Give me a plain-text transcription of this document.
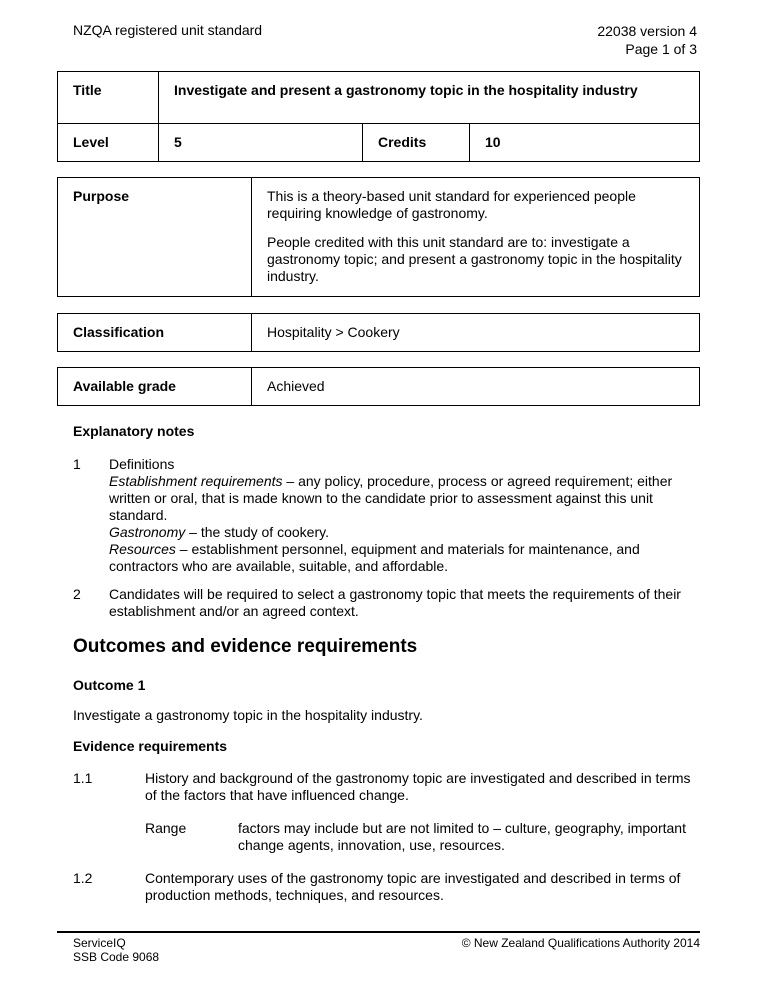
NZQA registered unit standard	22038 version 4
Page 1 of 3
Title	Investigate and present a gastronomy topic in the hospitality industry		
Level	5	Credits	10
Purpose	This is a theory-based unit standard for experienced people requiring knowledge of gastronomy.
People credited with this unit standard are to: investigate a gastronomy topic; and present a gastronomy topic in the hospitality industry.
Classification	Hospitality > Cookery
Available grade	Achieved
Explanatory notes
1 Definitions
Establishment requirements – any policy, procedure, process or agreed requirement; either written or oral, that is made known to the candidate prior to assessment against this unit standard.
Gastronomy – the study of cookery.
Resources – establishment personnel, equipment and materials for maintenance, and contractors who are available, suitable, and affordable.
2 Candidates will be required to select a gastronomy topic that meets the requirements of their establishment and/or an agreed context.
Outcomes and evidence requirements
Outcome 1
Investigate a gastronomy topic in the hospitality industry.
Evidence requirements
1.1	History and background of the gastronomy topic are investigated and described in terms of the factors that have influenced change.
Range	factors may include but are not limited to – culture, geography, important change agents, innovation, use, resources.
1.2	Contemporary uses of the gastronomy topic are investigated and described in terms of production methods, techniques, and resources.
ServiceIQ
SSB Code 9068
© New Zealand Qualifications Authority 2014
